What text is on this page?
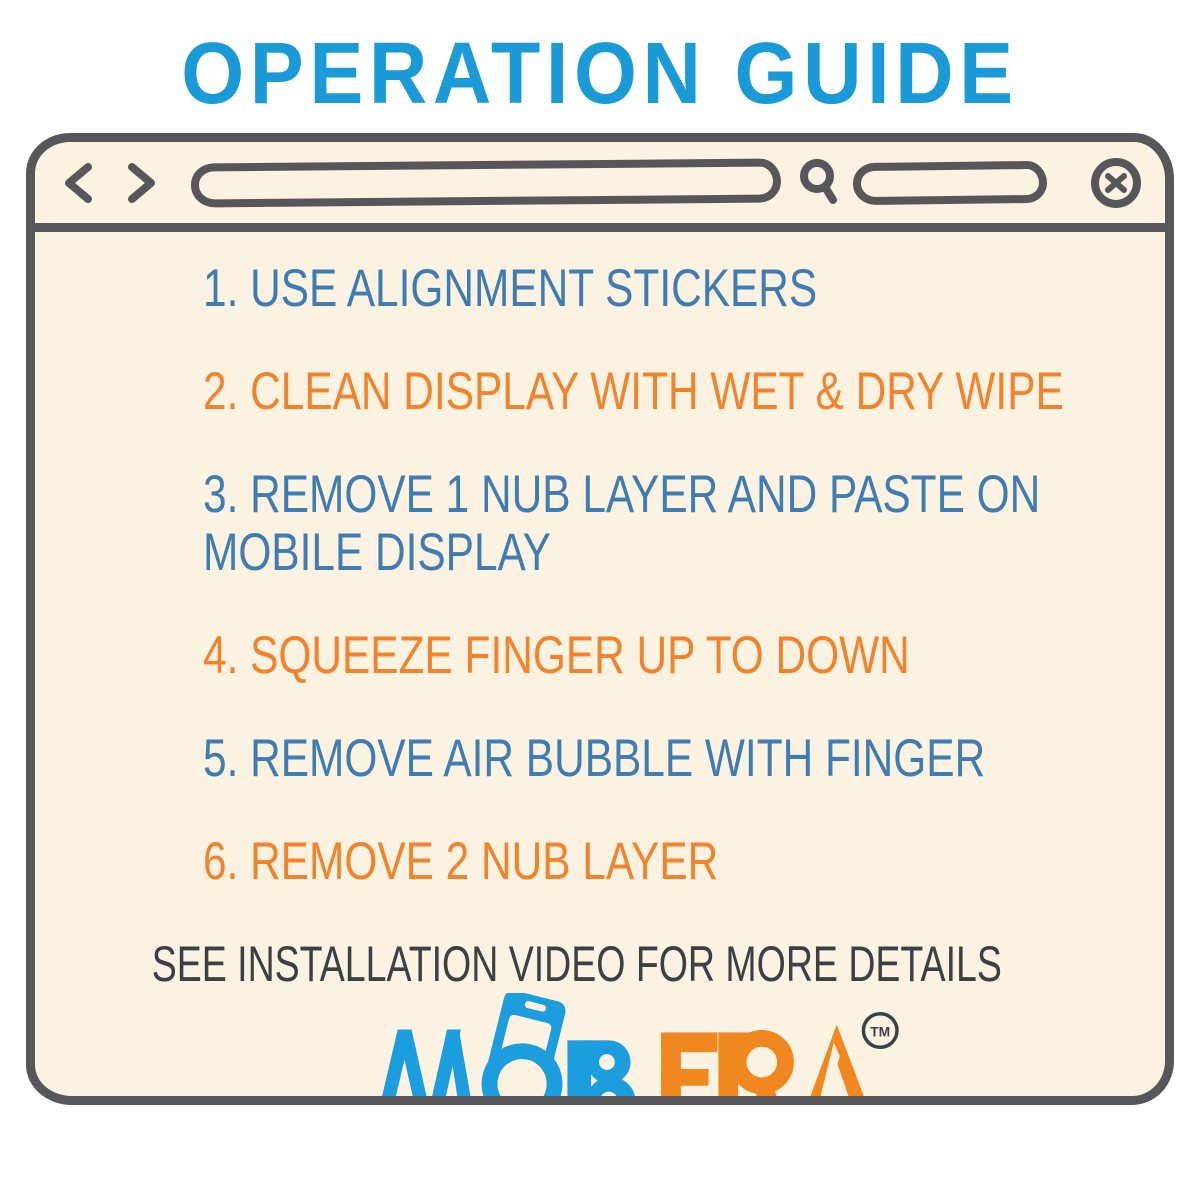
OPERATION GUIDE
1. USE ALIGNMENT STICKERS
2. CLEAN DISPLAY WITH WET & DRY WIPE
3. REMOVE 1 NUB LAYER AND PASTE ON MOBILE DISPLAY
4. SQUEEZE FINGER UP TO DOWN
5. REMOVE AIR BUBBLE WITH FINGER
6. REMOVE 2 NUB LAYER
SEE INSTALLATION VIDEO FOR MORE DETAILS
TM
